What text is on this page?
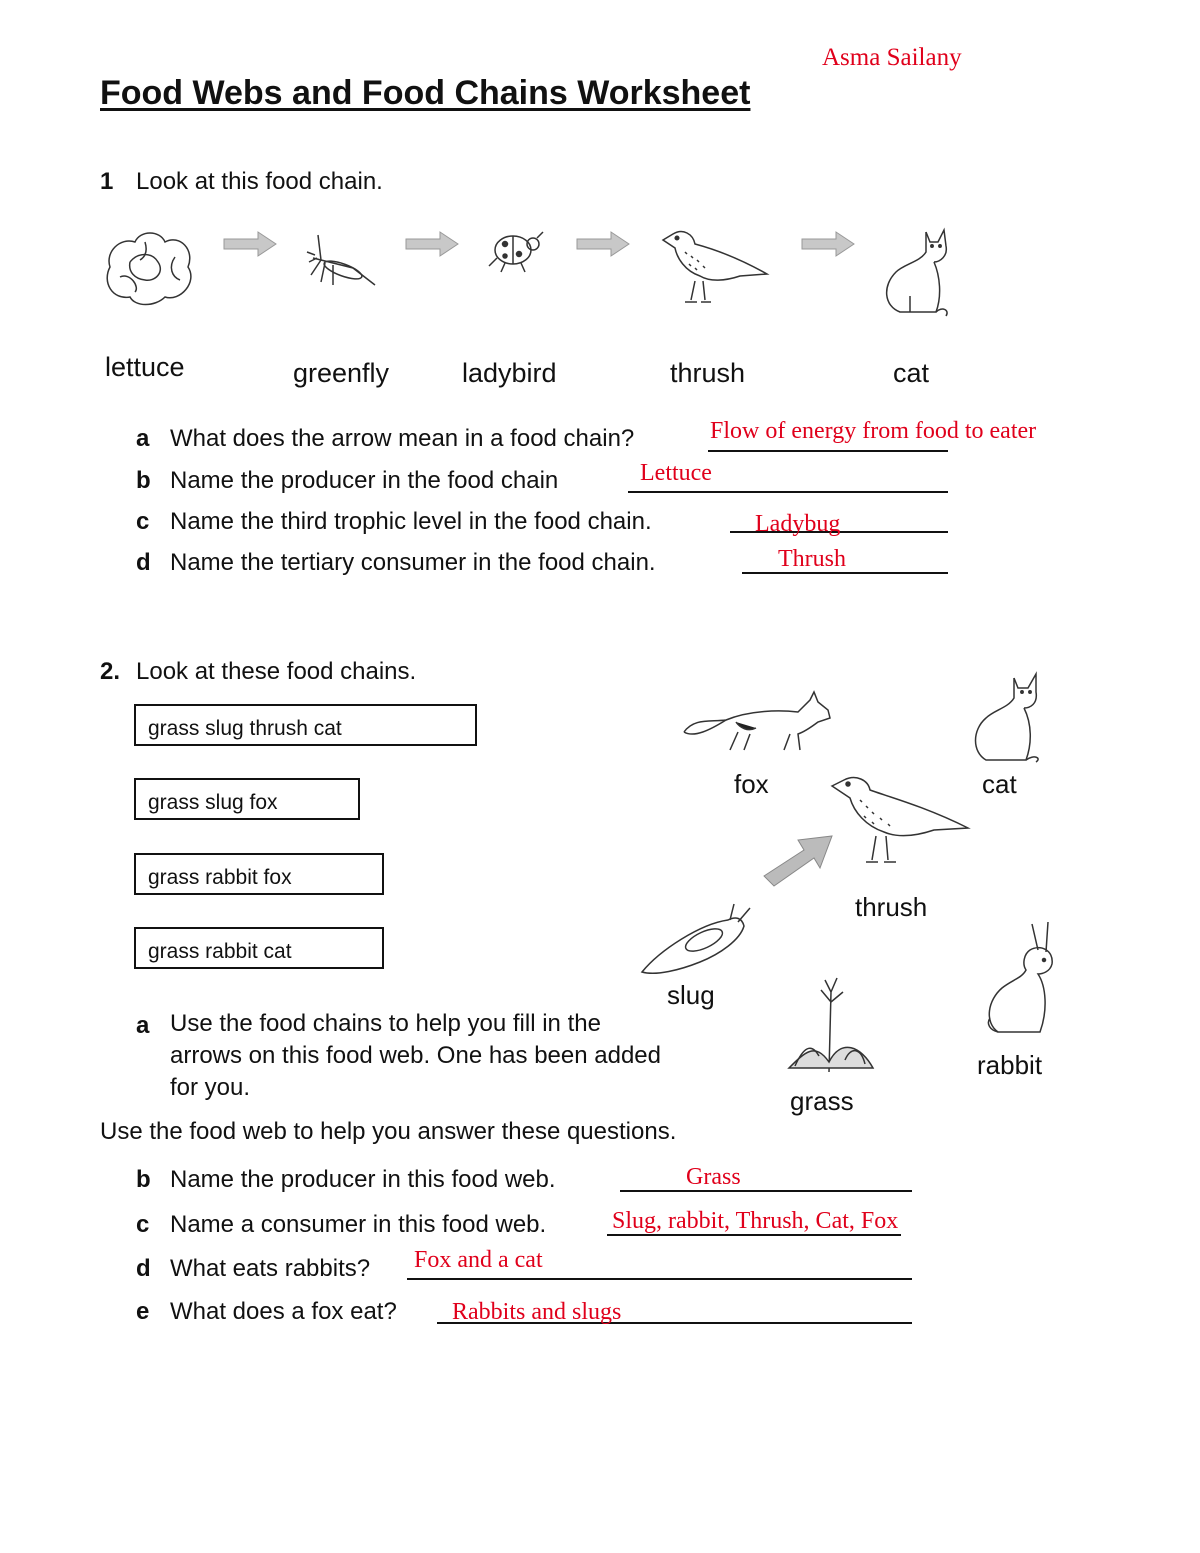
Asma Sailany
Food Webs and Food Chains Worksheet
1 Look at this food chain.
lettuce	greenfly	ladybird	thrush	cat
a What does the arrow mean in a food chain?	Flow of energy from food to eater
b Name the producer in the food chain	Lettuce
c Name the third trophic level in the food chain.	Ladybug
d Name the tertiary consumer in the food chain.	Thrush
2. Look at these food chains.
grass slug thrush cat
grass slug fox
grass rabbit fox
grass rabbit cat
fox	cat
thrush
slug
rabbit
grass
a Use the food chains to help you fill in the arrows on this food web. One has been added for you.
Use the food web to help you answer these questions.
b Name the producer in this food web.	Grass
c Name a consumer in this food web.	Slug, rabbit, Thrush, Cat, Fox
d What eats rabbits? Fox and a cat
e What does a fox eat? Rabbits and slugs
